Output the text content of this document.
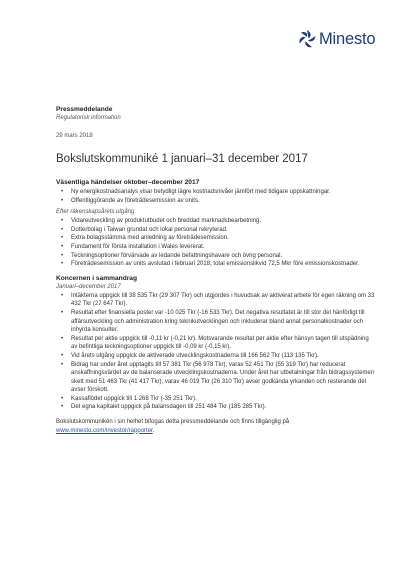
Minesto
Pressmeddelande
Regulatorisk information
29 mars 2018
Bokslutskommuniké 1 januari–31 december 2017
Väsentliga händelser oktober–december 2017
• Ny energikostnadsanalys visar betydligt lägre kostnadsnivåer jämfört med tidigare uppskattningar.
• Offentliggörande av företrädesemission av units.
Efter räkenskapsårets utgång
• Vidareutveckling av produktutbudet och breddad marknadsbearbetning.
• Dotterbolag i Taiwan grundat och lokal personal rekryterad.
• Extra bolagsstämma med anledning av företrädesemission.
• Fundament för första installation i Wales levererat.
• Teckningsoptioner förvärvade av ledande befattningshavare och övrig personal.
• Företrädesemission av units avslutad i februari 2018, total emissionslikvid 72,5 Mkr före emissionskostnader.
Koncernen i sammandrag
Januari–december 2017
• Intäkterna uppgick till 38 535 Tkr (29 307 Tkr) och utgjordes i huvudsak av aktiverat arbete för egen räkning om 33 432 Tkr (27 647 Tkr).
• Resultat efter finansiella poster var -10 025 Tkr (-16 533 Tkr). Det negativa resultatet är till stor del hänförligt till affärsutveckling och administration kring teknikutvecklingen och inkluderar bland annat personalkostnader och inhyrda konsulter.
• Resultat per aktie uppgick till -0,11 kr (-0,21 kr). Motsvarande resultat per aktie efter hänsyn tagen till utspädning av befintliga teckningsoptioner uppgick till -0,09 kr (-0,15 kr).
• Vid årets utgång uppgick de aktiverade utvecklingskostnaderna till 166 562 Tkr (113 135 Tkr).
• Bidrag har under året upptagits till 57 381 Tkr (56 978 Tkr), varav 52 451 Tkr (55 319 Tkr) har reducerat anskaffningsvärdet av de balanserade utvecklingskostnaderna. Under året har utbetalningar från bidragssystemen skett med 51 463 Tkr (41 417 Tkr), varav 46 019 Tkr (26 310 Tkr) avser godkända yrkanden och resterande del avser förskott.
• Kassaflödet uppgick till 1 268 Tkr (-35 251 Tkr).
• Det egna kapitalet uppgick på balansdagen till 251 484 Tkr (185 285 Tkr).
Bokslutskommunikén i sin helhet bifogas detta pressmeddelande och finns tillgänglig på www.minesto.com/investor/rapporter.
